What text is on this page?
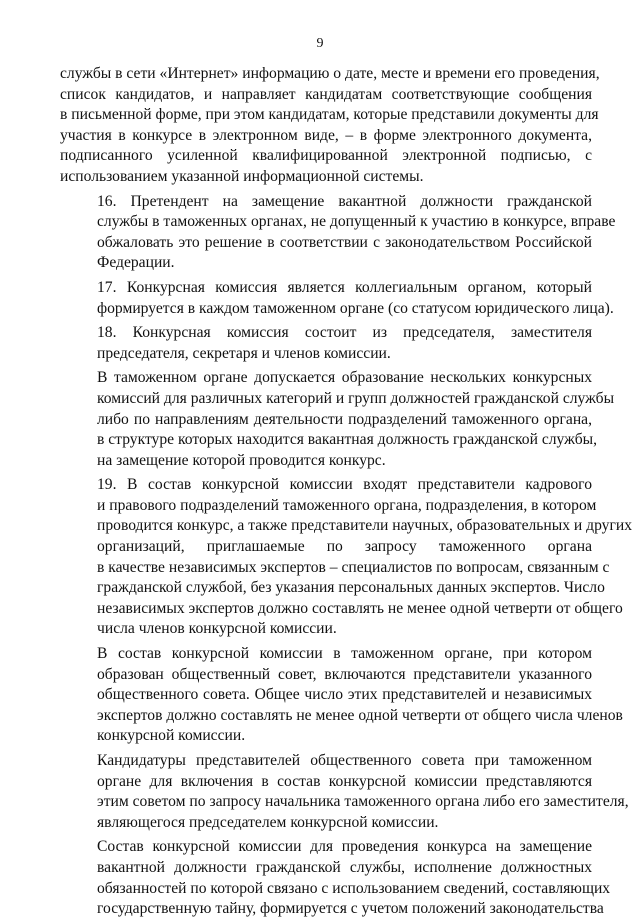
9
службы в сети «Интернет» информацию о дате, месте и времени его проведения,
список кандидатов, и направляет кандидатам соответствующие сообщения
в письменной форме, при этом кандидатам, которые представили документы для
участия в конкурсе в электронном виде, – в форме электронного документа,
подписанного усиленной квалифицированной электронной подписью, с
использованием указанной информационной системы.
16. Претендент на замещение вакантной должности гражданской
службы в таможенных органах, не допущенный к участию в конкурсе, вправе
обжаловать это решение в соответствии с законодательством Российской
Федерации.
17. Конкурсная комиссия является коллегиальным органом, который
формируется в каждом таможенном органе (со статусом юридического лица).
18. Конкурсная комиссия состоит из председателя, заместителя
председателя, секретаря и членов комиссии.
В таможенном органе допускается образование нескольких конкурсных
комиссий для различных категорий и групп должностей гражданской службы
либо по направлениям деятельности подразделений таможенного органа,
в структуре которых находится вакантная должность гражданской службы,
на замещение которой проводится конкурс.
19. В состав конкурсной комиссии входят представители кадрового
и правового подразделений таможенного органа, подразделения, в котором
проводится конкурс, а также представители научных, образовательных и других
организаций, приглашаемые по запросу таможенного органа
в качестве независимых экспертов – специалистов по вопросам, связанным с
гражданской службой, без указания персональных данных экспертов. Число
независимых экспертов должно составлять не менее одной четверти от общего
числа членов конкурсной комиссии.
В состав конкурсной комиссии в таможенном органе, при котором
образован общественный совет, включаются представители указанного
общественного совета. Общее число этих представителей и независимых
экспертов должно составлять не менее одной четверти от общего числа членов
конкурсной комиссии.
Кандидатуры представителей общественного совета при таможенном
органе для включения в состав конкурсной комиссии представляются
этим советом по запросу начальника таможенного органа либо его заместителя,
являющегося председателем конкурсной комиссии.
Состав конкурсной комиссии для проведения конкурса на замещение
вакантной должности гражданской службы, исполнение должностных
обязанностей по которой связано с использованием сведений, составляющих
государственную тайну, формируется с учетом положений законодательства
